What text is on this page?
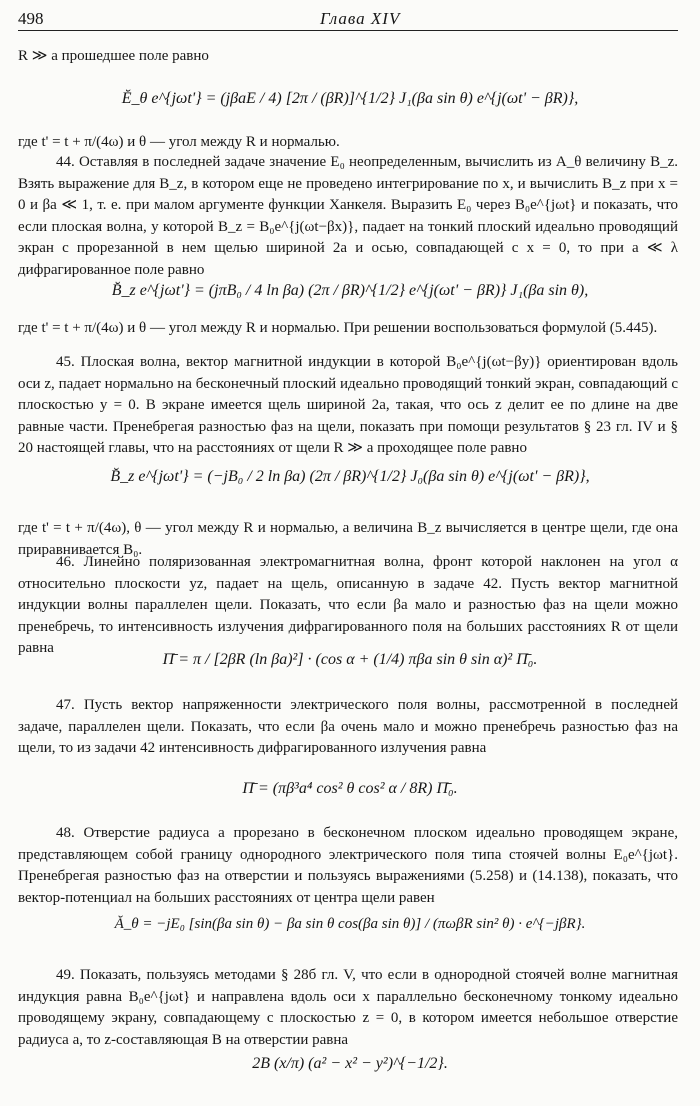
498	Глава XIV

R ≫ a прошедшее поле равно

Ĕ_θ e^{jωt'} = (jβaE / 4) [2π / (βR)]^{1/2} J₁(βa sin θ) e^{j(ωt' − βR)},

где t' = t + π/(4ω) и θ — угол между R и нормалью.

44. Оставляя в последней задаче значение E₀ неопределенным, вычислить из A_θ величину B_z. Взять выражение для B_z, в котором еще не проведено интегрирование по x, и вычислить B_z при x = 0 и βa ≪ 1, т. е. при малом аргументе функции Ханкеля. Выразить E₀ через B₀e^{jωt} и показать, что если плоская волна, у которой B_z = B₀e^{j(ωt−βx)}, падает на тонкий плоский идеально проводящий экран с прорезанной в нем щелью шириной 2a и осью, совпадающей с x = 0, то при a ≪ λ дифрагированное поле равно

B̆_z e^{jωt'} = (jπB₀ / 4 ln βa) (2π / βR)^{1/2} e^{j(ωt' − βR)} J₁(βa sin θ),

где t' = t + π/(4ω) и θ — угол между R и нормалью. При решении воспользоваться формулой (5.445).

45. Плоская волна, вектор магнитной индукции в которой B₀e^{j(ωt−βy)} ориентирован вдоль оси z, падает нормально на бесконечный плоский идеально проводящий тонкий экран, совпадающий с плоскостью y = 0. В экране имеется щель шириной 2a, такая, что ось z делит ее по длине на две равные части. Пренебрегая разностью фаз на щели, показать при помощи результатов § 23 гл. IV и § 20 настоящей главы, что на расстояниях от щели R ≫ a проходящее поле равно

B̆_z e^{jωt'} = (−jB₀ / 2 ln βa) (2π / βR)^{1/2} J₀(βa sin θ) e^{j(ωt' − βR)},

где t' = t + π/(4ω), θ — угол между R и нормалью, а величина B_z вычисляется в центре щели, где она приравнивается B₀.

46. Линейно поляризованная электромагнитная волна, фронт которой наклонен на угол α относительно плоскости yz, падает на щель, описанную в задаче 42. Пусть вектор магнитной индукции волны параллелен щели. Показать, что если βa мало и разностью фаз на щели можно пренебречь, то интенсивность излучения дифрагированного поля на больших расстояниях R от щели равна

Π̄ = π / [2βR (ln βa)²] · (cos α + (1/4) πβa sin θ sin α)² Π̄₀.

47. Пусть вектор напряженности электрического поля волны, рассмотренной в последней задаче, параллелен щели. Показать, что если βa очень мало и можно пренебречь разностью фаз на щели, то из задачи 42 интенсивность дифрагированного излучения равна

Π̄ = (πβ³a⁴ cos² θ cos² α / 8R) Π̄₀.

48. Отверстие радиуса a прорезано в бесконечном плоском идеально проводящем экране, представляющем собой границу однородного электрического поля типа стоячей волны E₀e^{jωt}. Пренебрегая разностью фаз на отверстии и пользуясь выражениями (5.258) и (14.138), показать, что вектор-потенциал на больших расстояниях от центра щели равен

Ă_θ = −jE₀ [sin(βa sin θ) − βa sin θ cos(βa sin θ)] / (πωβR sin² θ) · e^{−jβR}.

49. Показать, пользуясь методами § 28б гл. V, что если в однородной стоячей волне магнитная индукция равна B₀e^{jωt} и направлена вдоль оси x параллельно бесконечному тонкому идеально проводящему экрану, совпадающему с плоскостью z = 0, в котором имеется небольшое отверстие радиуса a, то z-составляющая B на отверстии равна

2B (x/π) (a² − x² − y²)^{−1/2}.
